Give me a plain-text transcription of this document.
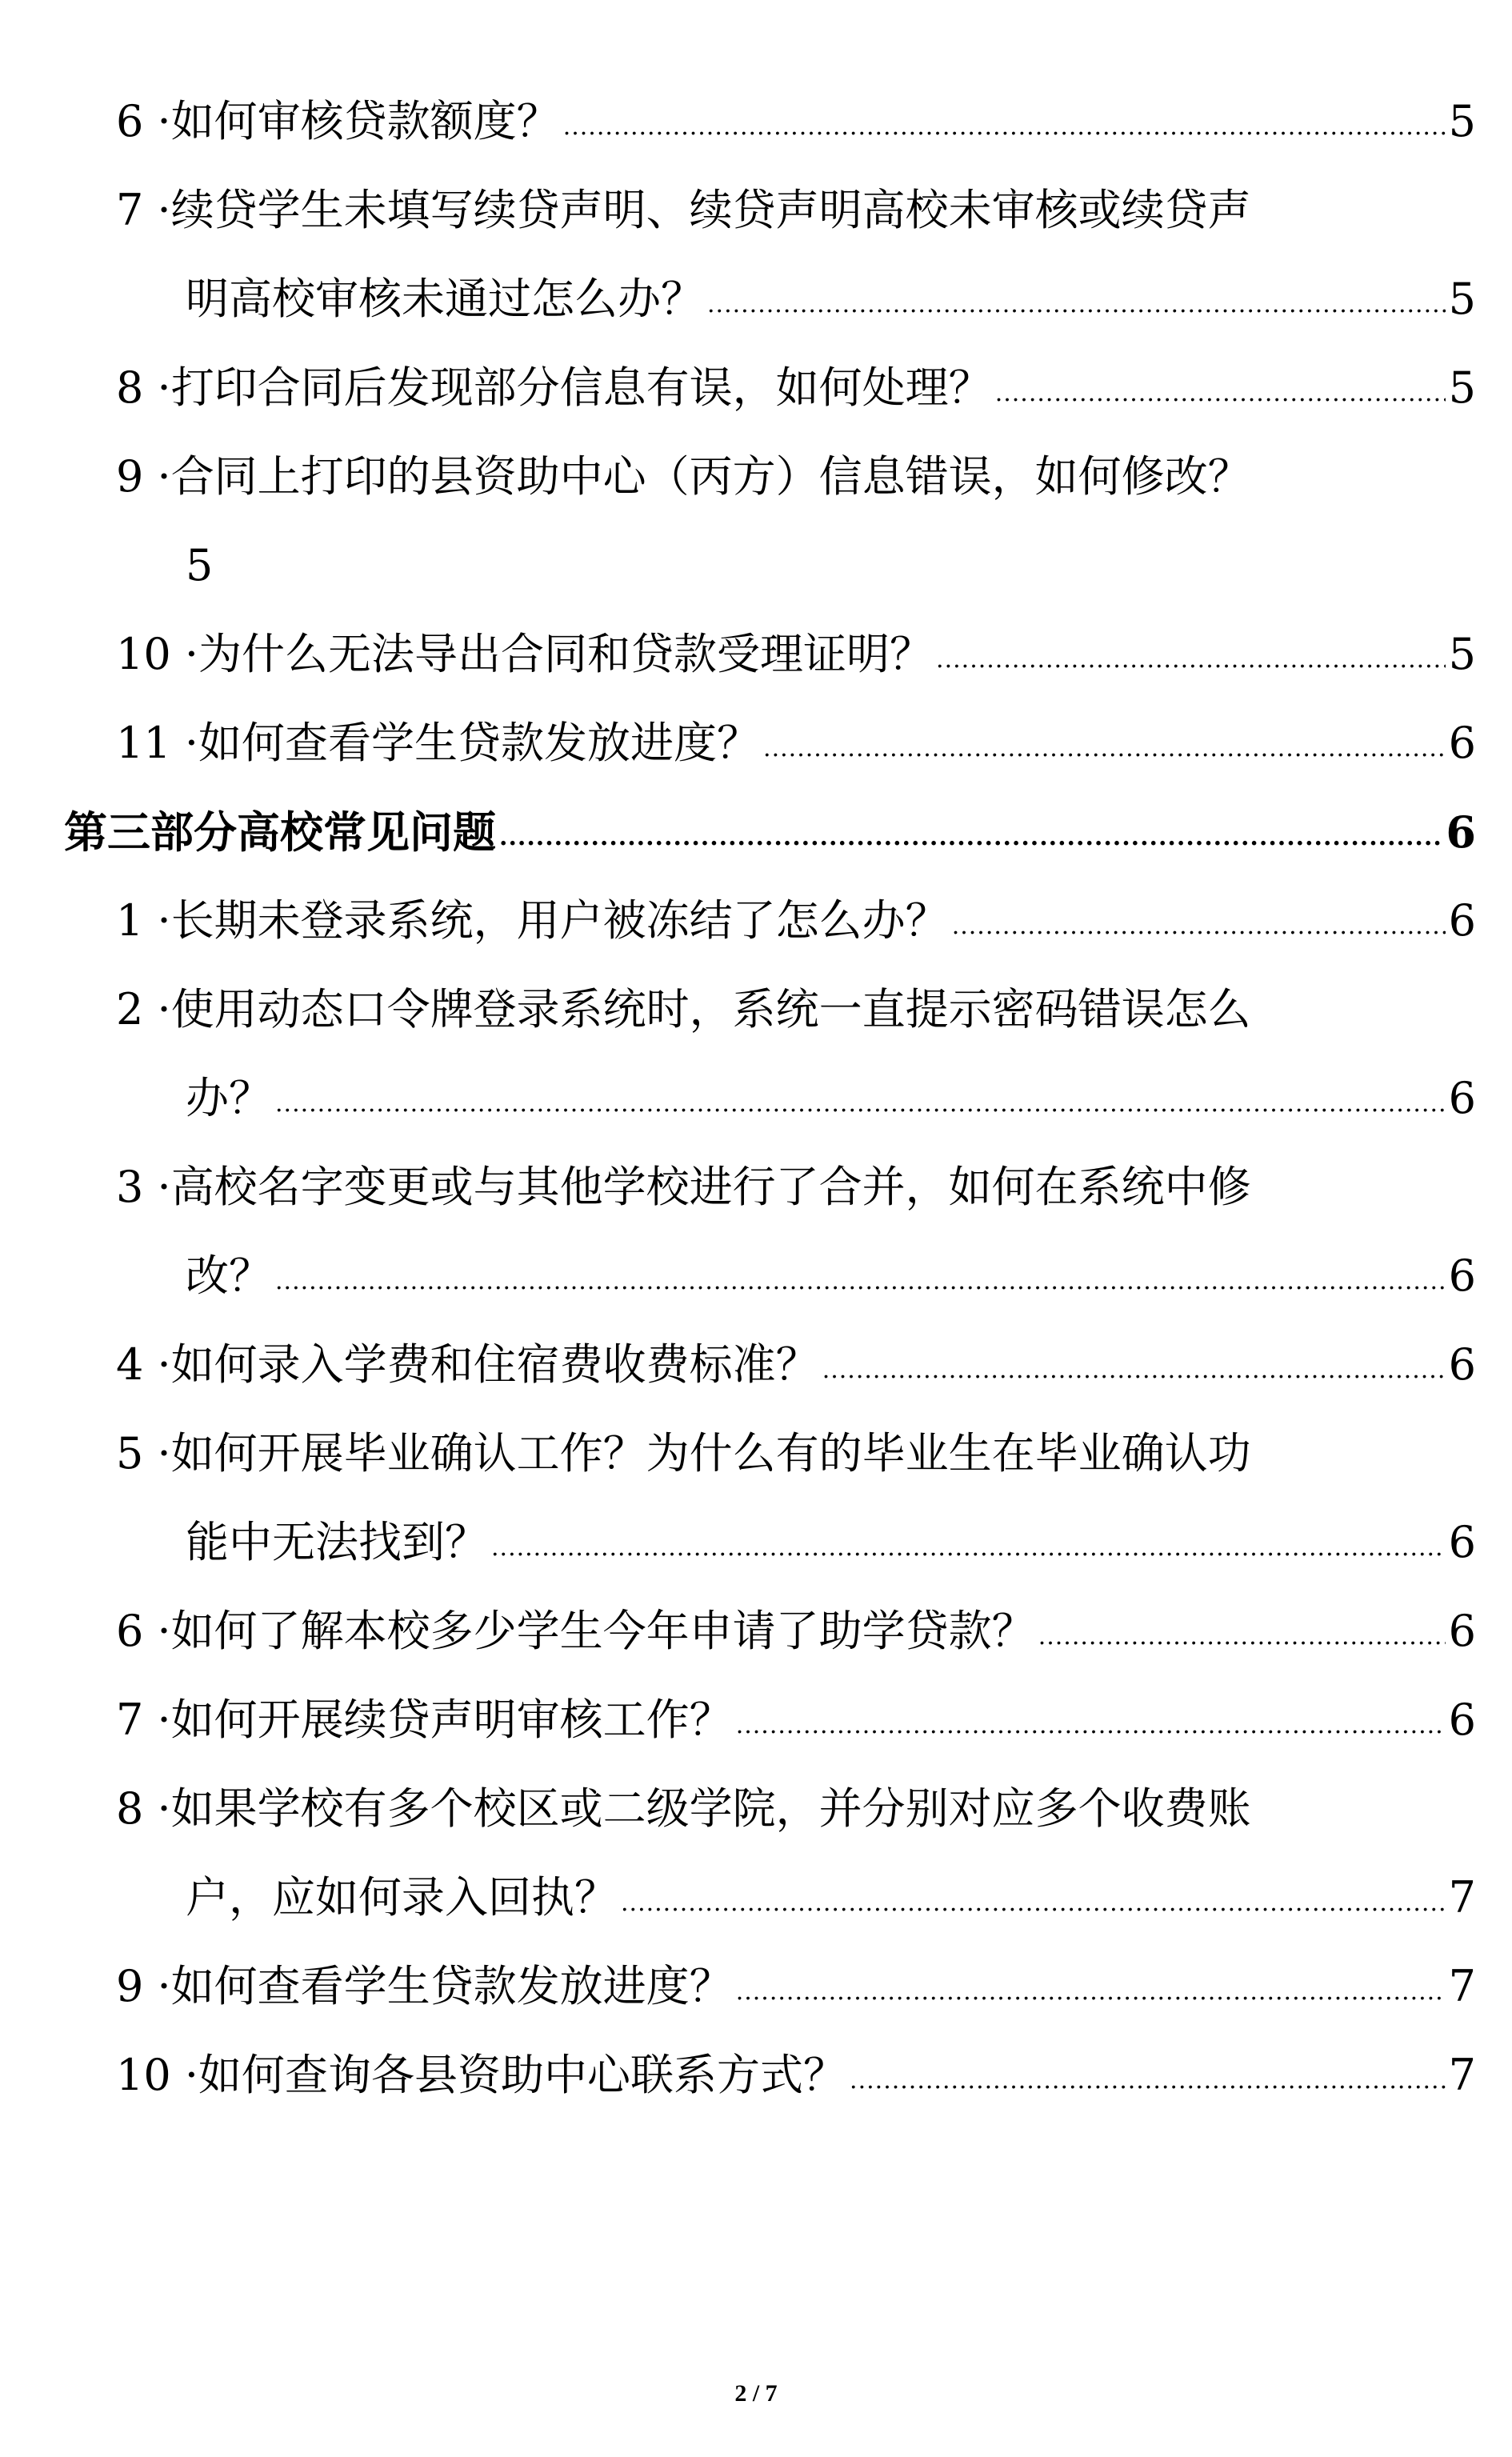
6 · 如何审核贷款额度？ .....	5
7 · 续贷学生未填写续贷声明、续贷声明高校未审核或续贷声
明高校审核未通过怎么办？ .....	5
8 · 打印合同后发现部分信息有误，如何处理？ .....	5
9 · 合同上打印的县资助中心（丙方）信息错误，如何修改？
5
10 · 为什么无法导出合同和贷款受理证明？ .....	5
11 · 如何查看学生贷款发放进度？ .....	6
第三部分高校常见问题 .....	6
1 · 长期未登录系统，用户被冻结了怎么办？ .....	6
2 · 使用动态口令牌登录系统时，系统一直提示密码错误怎么
办？ .....	6
3 · 高校名字变更或与其他学校进行了合并，如何在系统中修
改？ .....	6
4 · 如何录入学费和住宿费收费标准？ .....	6
5 · 如何开展毕业确认工作？为什么有的毕业生在毕业确认功
能中无法找到？ .....	6
6 · 如何了解本校多少学生今年申请了助学贷款？ .....	6
7 · 如何开展续贷声明审核工作？ .....	6
8 · 如果学校有多个校区或二级学院，并分别对应多个收费账
户，应如何录入回执？ .....	7
9 · 如何查看学生贷款发放进度？ .....	7
10 · 如何查询各县资助中心联系方式？ .....	7
2 / 7
